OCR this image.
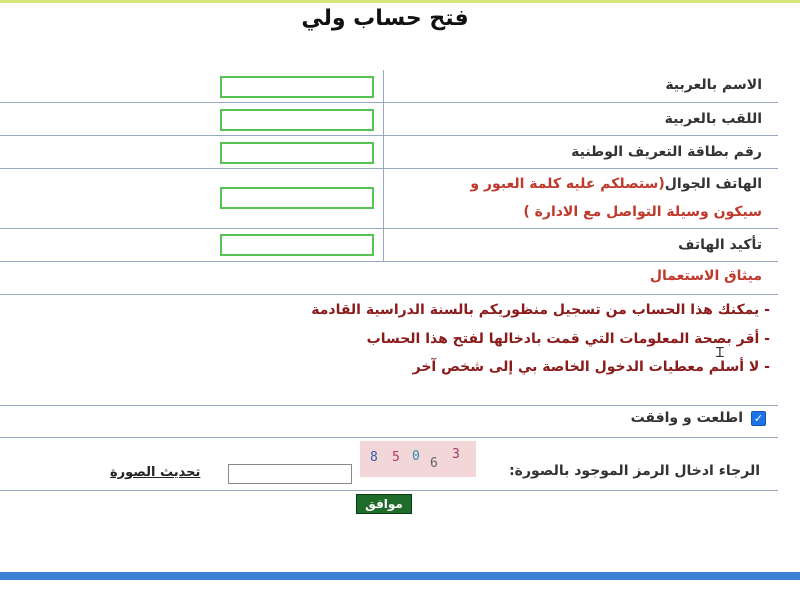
فتح حساب ولي
الاسم بالعربية
اللقب بالعربية
رقم بطاقة التعريف الوطنية
الهاتف الجوال(ستصلكم عليه كلمة العبور و
سيكون وسيلة التواصل مع الادارة )
تأكيد الهاتف
ميثاق الاستعمال
- يمكنك هذا الحساب من تسجيل منظوريكم بالسنة الدراسية القادمة
- أقر بصحة المعلومات التي قمت بادخالها لفتح هذا الحساب
- لا أسلم معطيات الدخول الخاصة بي إلى شخص آخر
Ɪ
✓
اطلعت و وافقت
الرجاء ادخال الرمز الموجود بالصورة:
8 5 0 6
3
تحديث الصورة
موافق
